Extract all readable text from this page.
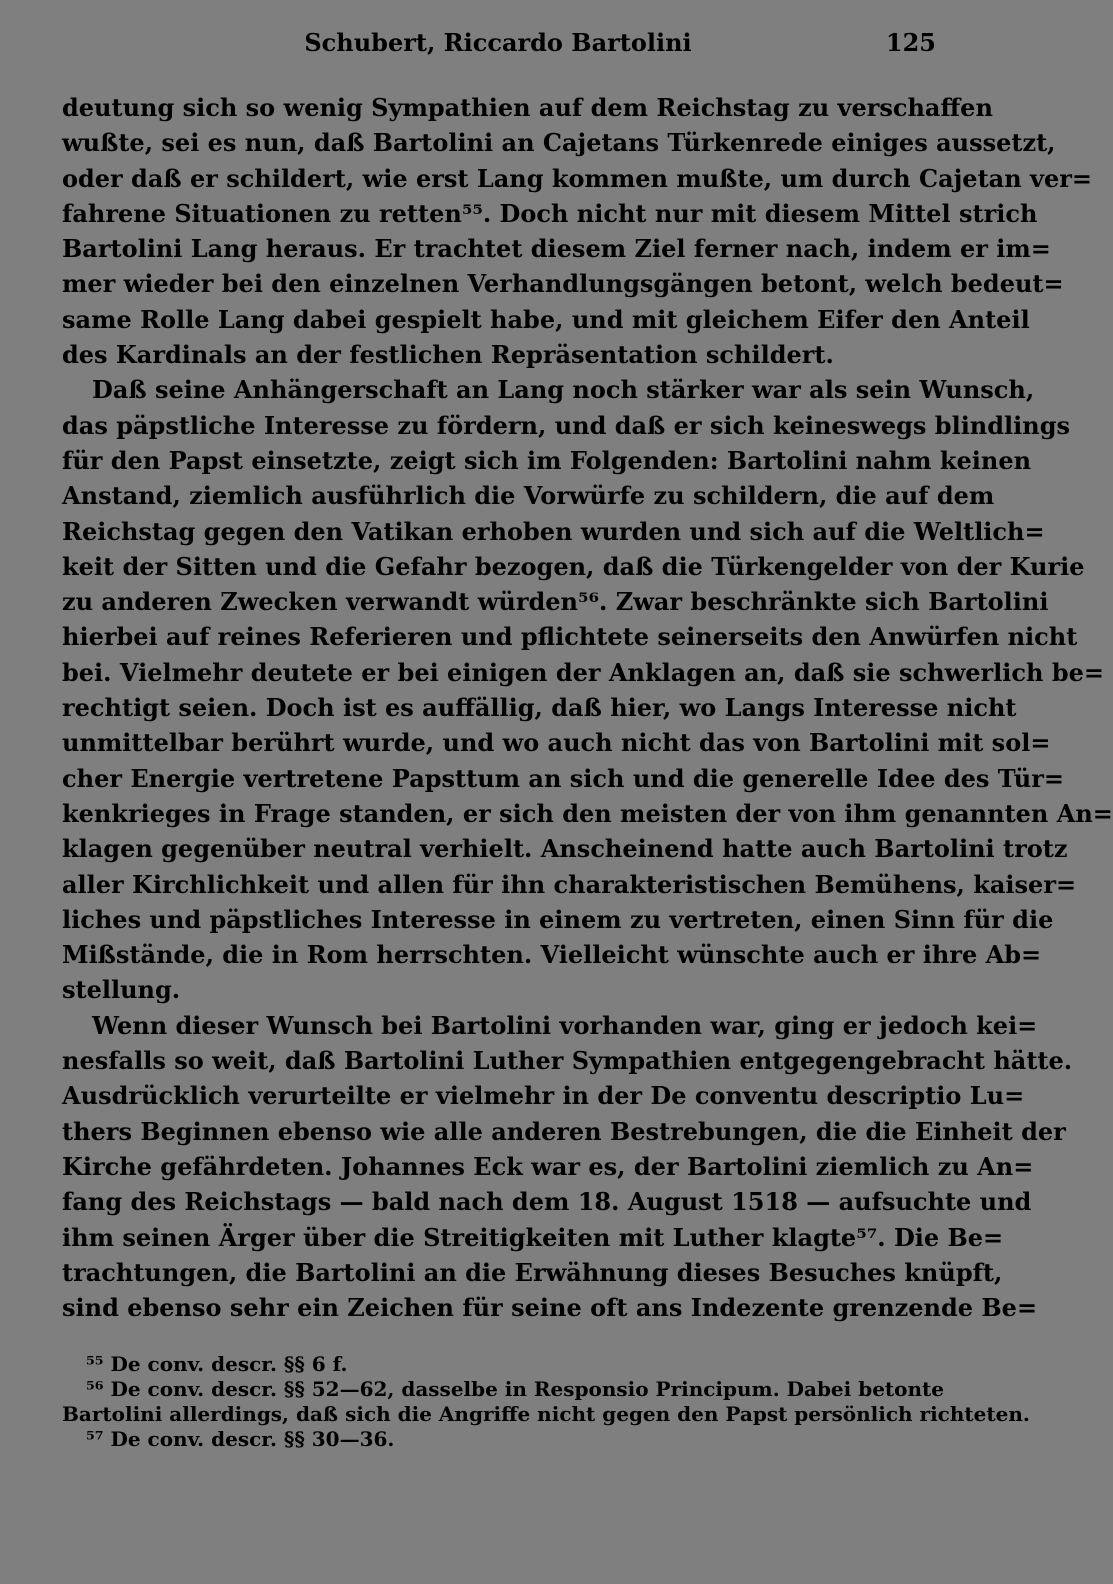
Schubert, Riccardo Bartolini	125
deutung sich so wenig Sympathien auf dem Reichstag zu verschaffen
wußte, sei es nun, daß Bartolini an Cajetans Türkenrede einiges aussetzt,
oder daß er schildert, wie erst Lang kommen mußte, um durch Cajetan ver=
fahrene Situationen zu retten⁵⁵. Doch nicht nur mit diesem Mittel strich
Bartolini Lang heraus. Er trachtet diesem Ziel ferner nach, indem er im=
mer wieder bei den einzelnen Verhandlungsgängen betont, welch bedeut=
same Rolle Lang dabei gespielt habe, und mit gleichem Eifer den Anteil
des Kardinals an der festlichen Repräsentation schildert.
Daß seine Anhängerschaft an Lang noch stärker war als sein Wunsch,
das päpstliche Interesse zu fördern, und daß er sich keineswegs blindlings
für den Papst einsetzte, zeigt sich im Folgenden: Bartolini nahm keinen
Anstand, ziemlich ausführlich die Vorwürfe zu schildern, die auf dem
Reichstag gegen den Vatikan erhoben wurden und sich auf die Weltlich=
keit der Sitten und die Gefahr bezogen, daß die Türkengelder von der Kurie
zu anderen Zwecken verwandt würden⁵⁶. Zwar beschränkte sich Bartolini
hierbei auf reines Referieren und pflichtete seinerseits den Anwürfen nicht
bei. Vielmehr deutete er bei einigen der Anklagen an, daß sie schwerlich be=
rechtigt seien. Doch ist es auffällig, daß hier, wo Langs Interesse nicht
unmittelbar berührt wurde, und wo auch nicht das von Bartolini mit sol=
cher Energie vertretene Papsttum an sich und die generelle Idee des Tür=
kenkrieges in Frage standen, er sich den meisten der von ihm genannten An=
klagen gegenüber neutral verhielt. Anscheinend hatte auch Bartolini trotz
aller Kirchlichkeit und allen für ihn charakteristischen Bemühens, kaiser=
liches und päpstliches Interesse in einem zu vertreten, einen Sinn für die
Mißstände, die in Rom herrschten. Vielleicht wünschte auch er ihre Ab=
stellung.
Wenn dieser Wunsch bei Bartolini vorhanden war, ging er jedoch kei=
nesfalls so weit, daß Bartolini Luther Sympathien entgegengebracht hätte.
Ausdrücklich verurteilte er vielmehr in der De conventu descriptio Lu=
thers Beginnen ebenso wie alle anderen Bestrebungen, die die Einheit der
Kirche gefährdeten. Johannes Eck war es, der Bartolini ziemlich zu An=
fang des Reichstags — bald nach dem 18. August 1518 — aufsuchte und
ihm seinen Ärger über die Streitigkeiten mit Luther klagte⁵⁷. Die Be=
trachtungen, die Bartolini an die Erwähnung dieses Besuches knüpft,
sind ebenso sehr ein Zeichen für seine oft ans Indezente grenzende Be=
⁵⁵ De conv. descr. §§ 6 f.
⁵⁶ De conv. descr. §§ 52—62, dasselbe in Responsio Principum. Dabei betonte
Bartolini allerdings, daß sich die Angriffe nicht gegen den Papst persönlich richteten.
⁵⁷ De conv. descr. §§ 30—36.
